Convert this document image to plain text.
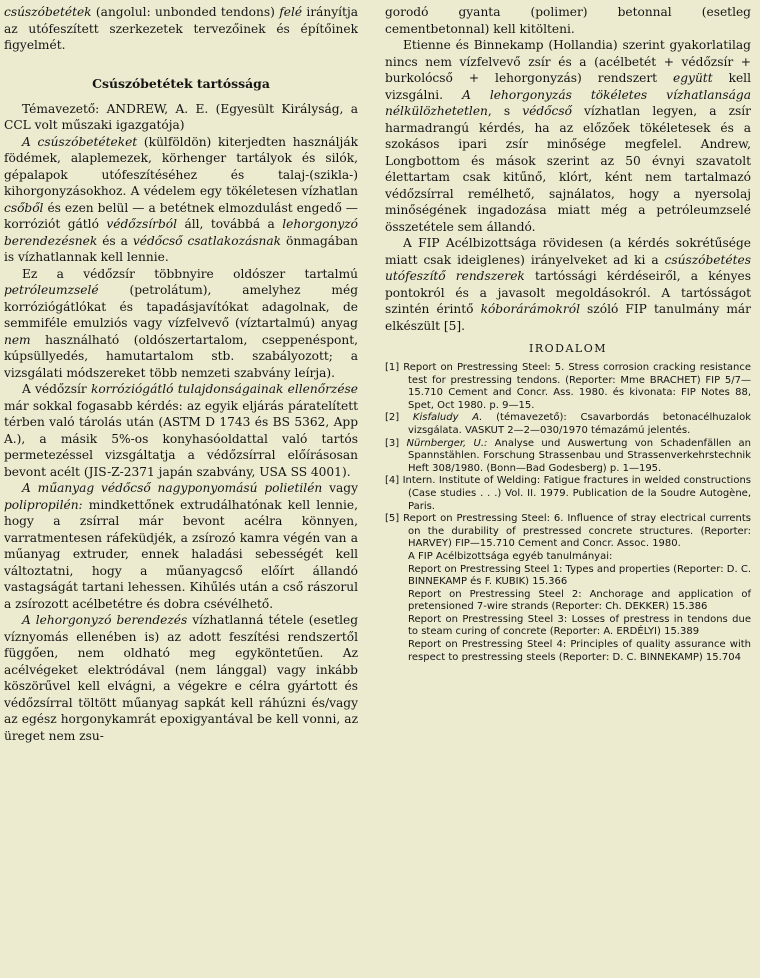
csúszóbetétek (angolul: unbonded tendons) felé irányítja az utófeszített szerkezetek tervezőinek és építőinek figyelmét.

Csúszóbetétek tartóssága

Témavezető: ANDREW, A. E. (Egyesült Királyság, a CCL volt műszaki igazgatója)

A csúszóbetéteket (külföldön) kiterjedten használják födémek, alaplemezek, körhenger tartályok és silók, gépalapok utófeszítéséhez és talaj-(szikla-) kihorgonyzásokhoz. A védelem egy tökéletesen vízhatlan csőből és ezen belül — a betétnek elmozdulást engedő — korróziót gátló védőzsírból áll, továbbá a lehorgonyzó berendezésnek és a védőcső csatlakozásnak önmagában is vízhatlannak kell lennie.

Ez a védőzsír többnyire oldószer tartalmú petróleumzselé (petrolátum), amelyhez még korróziógátlókat és tapadásjavítókat adagolnak, de semmiféle emulziós vagy vízfelvevő (víztartalmú) anyag nem használható (oldószertartalom, cseppenéspont, kúpsüllyedés, hamutartalom stb. szabályozott; a vizsgálati módszereket több nemzeti szabvány leírja).

A védőzsír korróziógátló tulajdonságainak ellenőrzése már sokkal fogasabb kérdés: az egyik eljárás páratelített térben való tárolás után (ASTM D 1743 és BS 5362, App A.), a másik 5%-os konyhasóoldattal való tartós permetezéssel vizsgáltatja a védőzsírral előírásosan bevont acélt (JIS-Z-2371 japán szabvány, USA SS 4001).

A műanyag védőcső nagyponyomású polietilén vagy polipropilén: mindkettőnek extrudálhatónak kell lennie, hogy a zsírral már bevont acélra könnyen, varratmentesen ráfeküdjék, a zsírozó kamra végén van a műanyag extruder, ennek haladási sebességét kell változtatni, hogy a műanyagcső előírt állandó vastagságát tartani lehessen. Kihűlés után a cső rászorul a zsírozott acélbetétre és dobra csévélhető.

A lehorgonyzó berendezés vízhatlanná tétele (esetleg víznyomás ellenében is) az adott feszítési rendszertől függően, nem oldható meg egyköntetűen. Az acélvégeket elektródával (nem lánggal) vagy inkább köszörűvel kell elvágni, a végekre e célra gyártott és védőzsírral töltött műanyag sapkát kell ráhúzni és/vagy az egész horgonykamrát epoxigyantával be kell vonni, az üreget nem zsu-

gorodó gyanta (polimer) betonnal (esetleg cementbetonnal) kell kitölteni.

Etienne és Binnekamp (Hollandia) szerint gyakorlatilag nincs nem vízfelvevő zsír és a (acélbetét + védőzsír + burkolócső + lehorgonyzás) rendszert együtt kell vizsgálni. A lehorgonyzás tökéletes vízhatlansága nélkülözhetetlen, s védőcső vízhatlan legyen, a zsír harmadrangú kérdés, ha az előzőek tökéletesek és a szokásos ipari zsír minősége megfelel. Andrew, Longbottom és mások szerint az 50 évnyi szavatolt élettartam csak kitűnő, klórt, ként nem tartalmazó védőzsírral remélhető, sajnálatos, hogy a nyersolaj minőségének ingadozása miatt még a petróleumzselé összetétele sem állandó.

A FIP Acélbizottsága rövidesen (a kérdés sokrétűsége miatt csak ideiglenes) irányelveket ad ki a csúszóbetétes utófeszítő rendszerek tartóssági kérdéseiről, a kényes pontokról és a javasolt megoldásokról. A tartósságot szintén érintő kóborárámokról szóló FIP tanulmány már elkészült [5].

IRODALOM
[1] Report on Prestressing Steel: 5. Stress corrosion cracking resistance test for prestressing tendons. (Reporter: Mme BRACHET) FIP 5/7—15.710 Cement and Concr. Ass. 1980. és kivonata: FIP Notes 88, Spet, Oct 1980. p. 9—15.
[2] Kisfaludy A. (témavezető): Csavarbordás betonacélhuzalok vizsgálata. VASKUT 2—2—030/1970 témazámú jelentés.
[3] Nürnberger, U.: Analyse und Auswertung von Schadenfällen an Spannstählen. Forschung Strassenbau und Strassenverkehrstechnik Heft 308/1980. (Bonn—Bad Godesberg) p. 1—195.
[4] Intern. Institute of Welding: Fatigue fractures in welded constructions (Case studies . . .) Vol. II. 1979. Publication de la Soudre Autogène, Paris.
[5] Report on Prestressing Steel: 6. Influence of stray electrical currents on the durability of prestressed concrete structures. (Reporter: HARVEY) FIP—15.710 Cement and Concr. Assoc. 1980.
A FIP Acélbizottsága egyéb tanulmányai:
Report on Prestressing Steel 1: Types and properties (Reporter: D. C. BINNEKAMP és F. KUBIK) 15.366
Report on Prestressing Steel 2: Anchorage and application of pretensioned 7-wire strands (Reporter: Ch. DEKKER) 15.386
Report on Prestressing Steel 3: Losses of prestress in tendons due to steam curing of concrete (Reporter: A. ERDÉLYI) 15.389
Report on Prestressing Steel 4: Principles of quality assurance with respect to prestressing steels (Reporter: D. C. BINNEKAMP) 15.704
